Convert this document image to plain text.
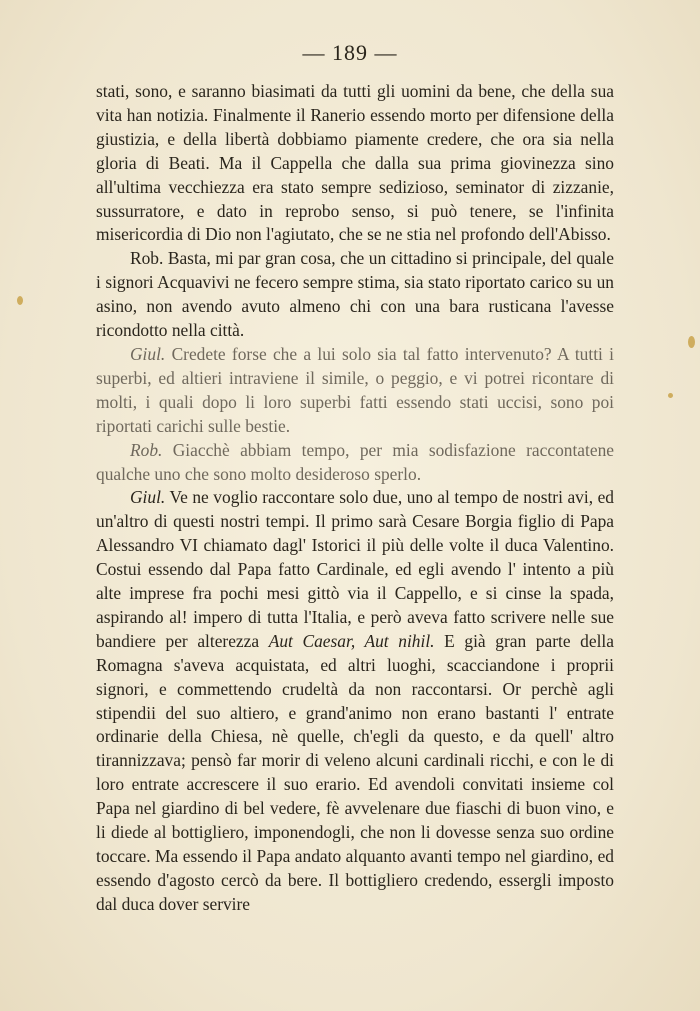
— 189 —

stati, sono, e saranno biasimati da tutti gli uomini da bene, che della sua vita han notizia. Finalmente il Ranerio essendo morto per difensione della giustizia, e della libertà dobbiamo piamente credere, che ora sia nella gloria di Beati. Ma il Cappella che dalla sua prima giovinezza sino all'ultima vecchiezza era stato sempre sedizioso, seminator di zizzanie, sussurratore, e dato in reprobo senso, si può tenere, se l'infinita misericordia di Dio non l'agiutato, che se ne stia nel profondo dell'Abisso.

Rob. Basta, mi par gran cosa, che un cittadino si principale, del quale i signori Acquavivi ne fecero sempre stima, sia stato riportato carico su un asino, non avendo avuto almeno chi con una bara rusticana l'avesse ricondotto nella città.

Giul. Credete forse che a lui solo sia tal fatto intervenuto? A tutti i superbi, ed altieri intraviene il simile, o peggio, e vi potrei ricontare di molti, i quali dopo li loro superbi fatti essendo stati uccisi, sono poi riportati carichi sulle bestie.

Rob. Giacchè abbiam tempo, per mia sodisfazione raccontatene qualche uno che sono molto desideroso sperlo.

Giul. Ve ne voglio raccontare solo due, uno al tempo de nostri avi, ed un'altro di questi nostri tempi. Il primo sarà Cesare Borgia figlio di Papa Alessandro VI chiamato dagl' Istorici il più delle volte il duca Valentino. Costui essendo dal Papa fatto Cardinale, ed egli avendo l' intento a più alte imprese fra pochi mesi gittò via il Cappello, e si cinse la spada, aspirando al! impero di tutta l'Italia, e però aveva fatto scrivere nelle sue bandiere per alterezza Aut Caesar, Aut nihil. E già gran parte della Romagna s'aveva acquistata, ed altri luoghi, scacciandone i proprii signori, e commettendo crudeltà da non raccontarsi. Or perchè agli stipendii del suo altiero, e grand'animo non erano bastanti l' entrate ordinarie della Chiesa, nè quelle, ch'egli da questo, e da quell' altro tirannizzava; pensò far morir di veleno alcuni cardinali ricchi, e con le di loro entrate accrescere il suo erario. Ed avendoli convitati insieme col Papa nel giardino di bel vedere, fè avvelenare due fiaschi di buon vino, e li diede al bottigliero, imponendogli, che non li dovesse senza suo ordine toccare. Ma essendo il Papa andato alquanto avanti tempo nel giardino, ed essendo d'agosto cercò da bere. Il bottigliero credendo, essergli imposto dal duca dover servire
